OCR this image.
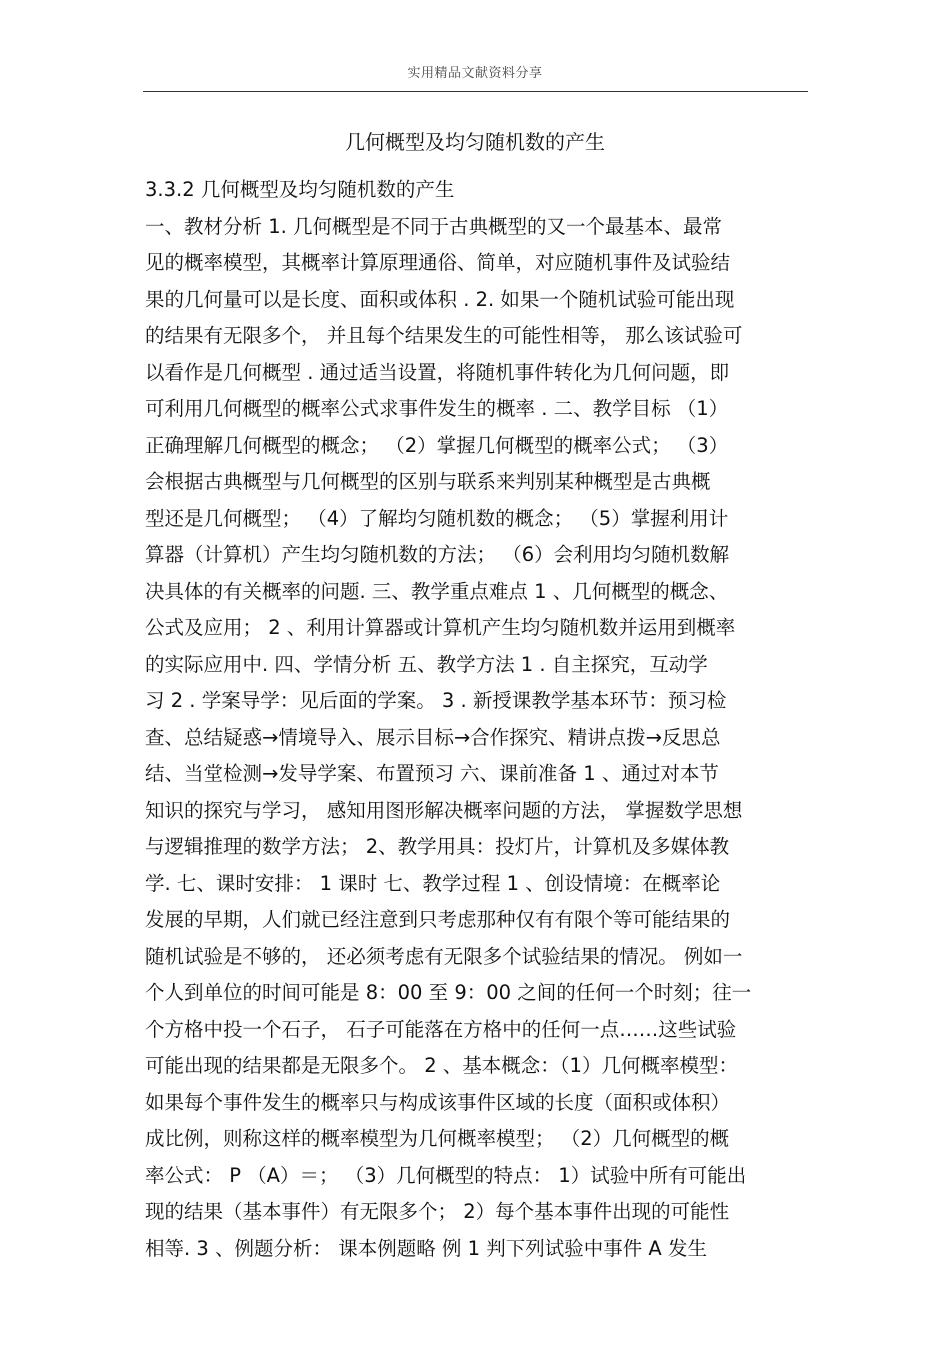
实用精品文献资料分享
几何概型及均匀随机数的产生
3.3.2 几何概型及均匀随机数的产生
一、教材分析 1. 几何概型是不同于古典概型的又一个最基本、最常
见的概率模型，其概率计算原理通俗、简单，对应随机事件及试验结
果的几何量可以是长度、面积或体积 . 2. 如果一个随机试验可能出现
的结果有无限多个， 并且每个结果发生的可能性相等， 那么该试验可
以看作是几何概型 . 通过适当设置，将随机事件转化为几何问题，即
可利用几何概型的概率公式求事件发生的概率 . 二、教学目标 （1）
正确理解几何概型的概念； （2）掌握几何概型的概率公式； （3）
会根据古典概型与几何概型的区别与联系来判别某种概型是古典概
型还是几何概型； （4）了解均匀随机数的概念； （5）掌握利用计
算器（计算机）产生均匀随机数的方法； （6）会利用均匀随机数解
决具体的有关概率的问题. 三、教学重点难点 1 、几何概型的概念、
公式及应用； 2 、利用计算器或计算机产生均匀随机数并运用到概率
的实际应用中. 四、学情分析 五、教学方法 1 . 自主探究，互动学
习 2 . 学案导学：见后面的学案。 3 . 新授课教学基本环节：预习检
查、总结疑惑→情境导入、展示目标→合作探究、精讲点拨→反思总
结、当堂检测→发导学案、布置预习 六、课前准备 1 、通过对本节
知识的探究与学习， 感知用图形解决概率问题的方法， 掌握数学思想
与逻辑推理的数学方法； 2、教学用具：投灯片，计算机及多媒体教
学. 七、课时安排： 1 课时 七、教学过程 1 、创设情境：在概率论
发展的早期，人们就已经注意到只考虑那种仅有有限个等可能结果的
随机试验是不够的， 还必须考虑有无限多个试验结果的情况。 例如一
个人到单位的时间可能是 8：00 至 9：00 之间的任何一个时刻；往一
个方格中投一个石子， 石子可能落在方格中的任何一点……这些试验
可能出现的结果都是无限多个。 2 、基本概念：（1）几何概率模型：
如果每个事件发生的概率只与构成该事件区域的长度（面积或体积）
成比例，则称这样的概率模型为几何概率模型； （2）几何概型的概
率公式： P （A）＝； （3）几何概型的特点： 1）试验中所有可能出
现的结果（基本事件）有无限多个； 2）每个基本事件出现的可能性
相等. 3 、例题分析： 课本例题略 例 1 判下列试验中事件 A 发生
